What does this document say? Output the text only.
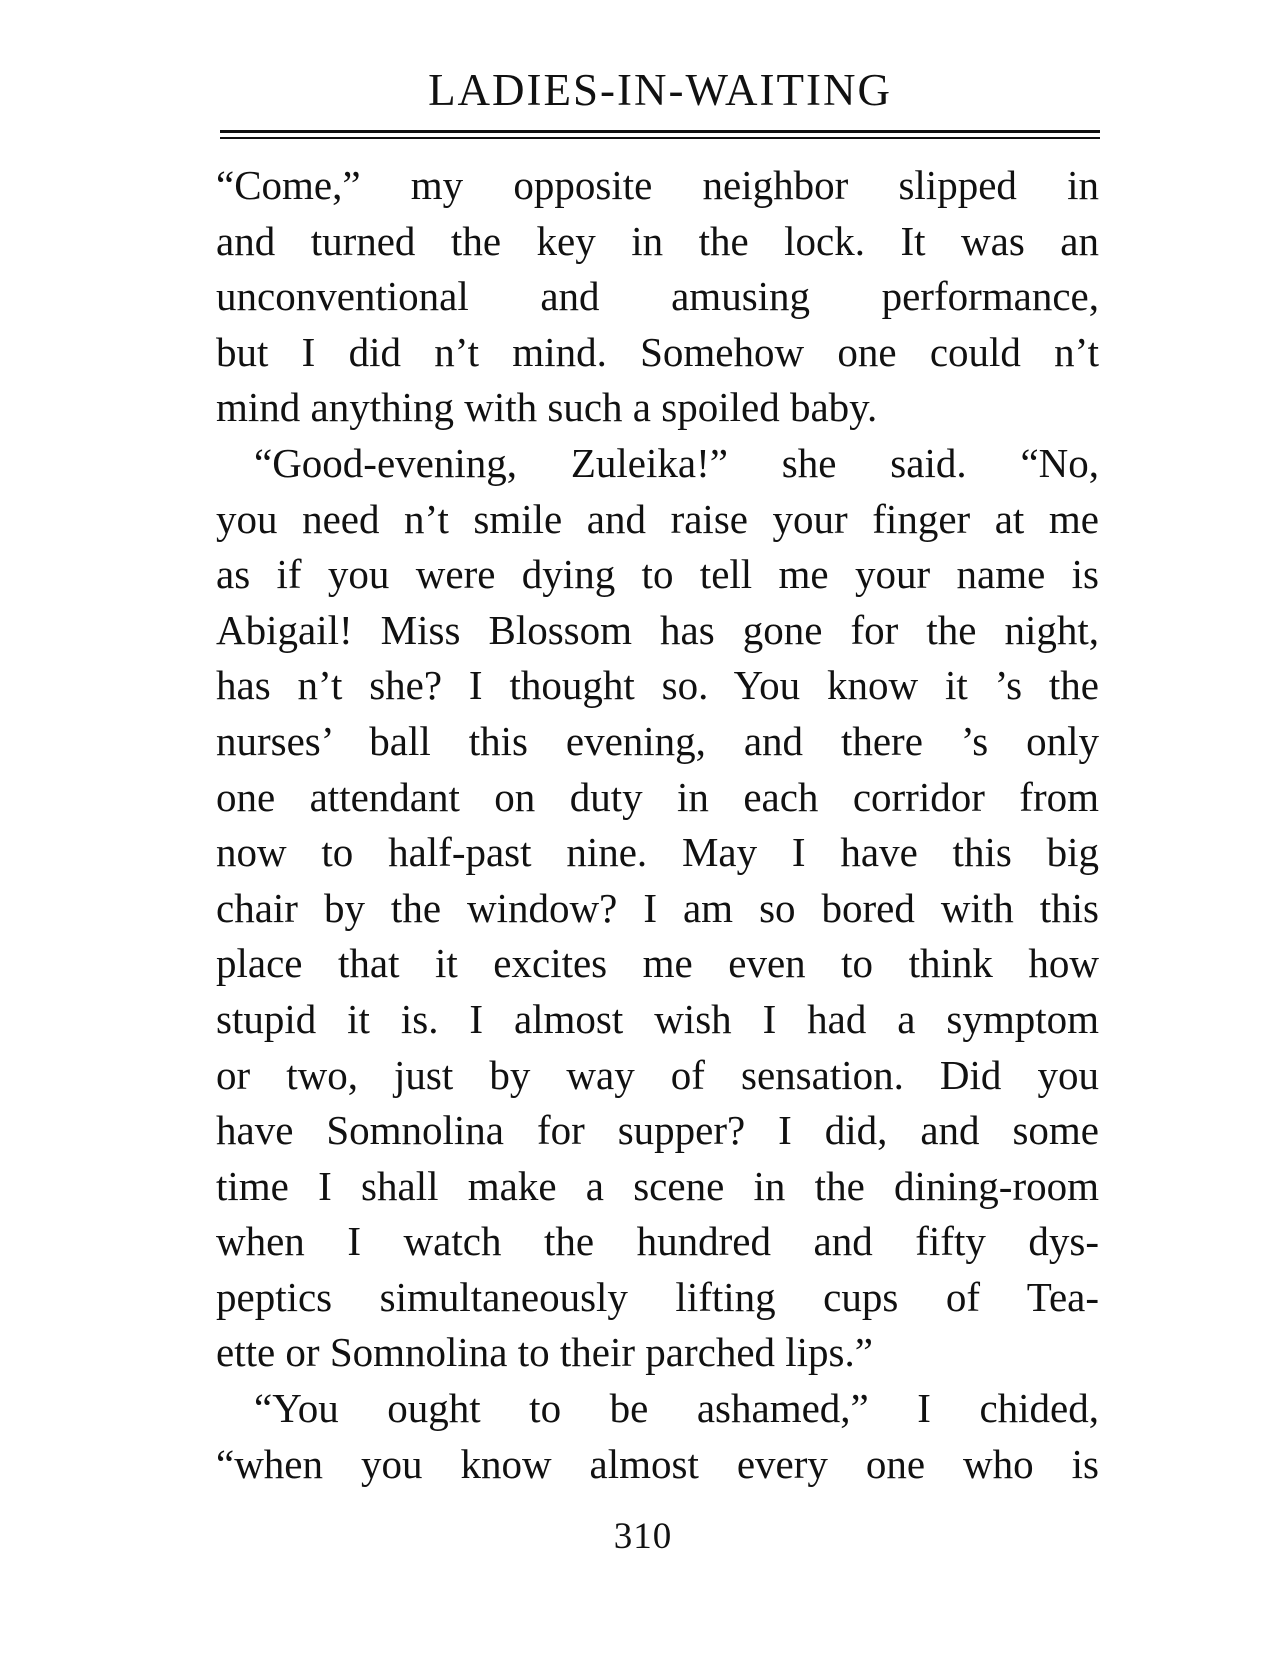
LADIES-IN-WAITING
“Come,” my opposite neighbor slipped in
and turned the key in the lock. It was an
unconventional and amusing performance,
but I did n’t mind. Somehow one could n’t
mind anything with such a spoiled baby.
“Good-evening, Zuleika!” she said. “No,
you need n’t smile and raise your finger at me
as if you were dying to tell me your name is
Abigail! Miss Blossom has gone for the night,
has n’t she? I thought so. You know it ’s the
nurses’ ball this evening, and there ’s only
one attendant on duty in each corridor from
now to half-past nine. May I have this big
chair by the window? I am so bored with this
place that it excites me even to think how
stupid it is. I almost wish I had a symptom
or two, just by way of sensation. Did you
have Somnolina for supper? I did, and some
time I shall make a scene in the dining-room
when I watch the hundred and fifty dys-
peptics simultaneously lifting cups of Tea-
ette or Somnolina to their parched lips.”
“You ought to be ashamed,” I chided,
“when you know almost every one who is
310
